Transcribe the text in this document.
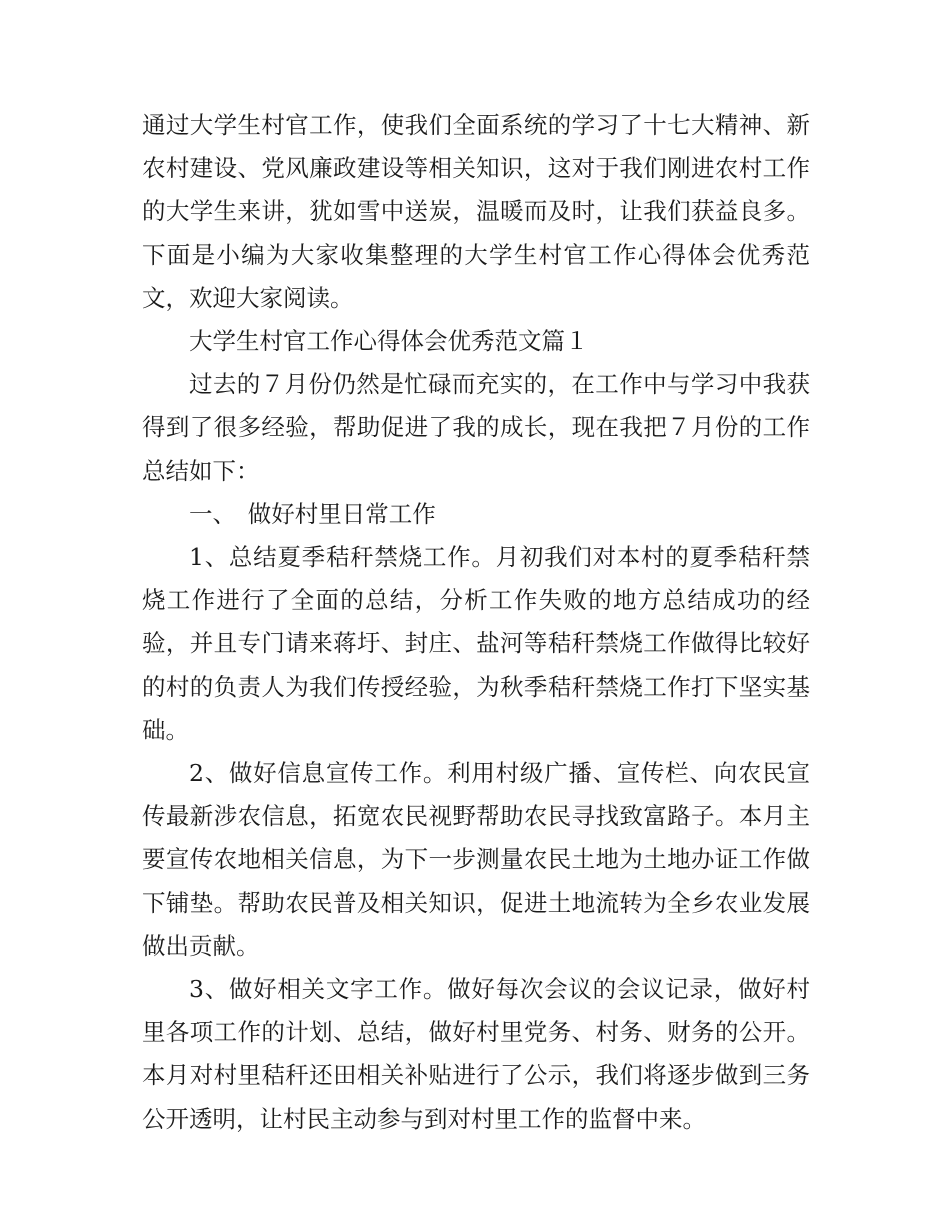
通过大学生村官工作，使我们全面系统的学习了十七大精神、新农村建设、党风廉政建设等相关知识，这对于我们刚进农村工作的大学生来讲，犹如雪中送炭，温暖而及时，让我们获益良多。下面是小编为大家收集整理的大学生村官工作心得体会优秀范文，欢迎大家阅读。

大学生村官工作心得体会优秀范文篇１

过去的７月份仍然是忙碌而充实的，在工作中与学习中我获得到了很多经验，帮助促进了我的成长，现在我把７月份的工作总结如下：

一、　做好村里日常工作

1、总结夏季秸秆禁烧工作。月初我们对本村的夏季秸秆禁烧工作进行了全面的总结，分析工作失败的地方总结成功的经验，并且专门请来蒋圩、封庄、盐河等秸秆禁烧工作做得比较好的村的负责人为我们传授经验，为秋季秸秆禁烧工作打下坚实基础。

2、做好信息宣传工作。利用村级广播、宣传栏、向农民宣传最新涉农信息，拓宽农民视野帮助农民寻找致富路子。本月主要宣传农地相关信息，为下一步测量农民土地为土地办证工作做下铺垫。帮助农民普及相关知识，促进土地流转为全乡农业发展做出贡献。

3、做好相关文字工作。做好每次会议的会议记录，做好村里各项工作的计划、总结，做好村里党务、村务、财务的公开。本月对村里秸秆还田相关补贴进行了公示，我们将逐步做到三务公开透明，让村民主动参与到对村里工作的监督中来。
